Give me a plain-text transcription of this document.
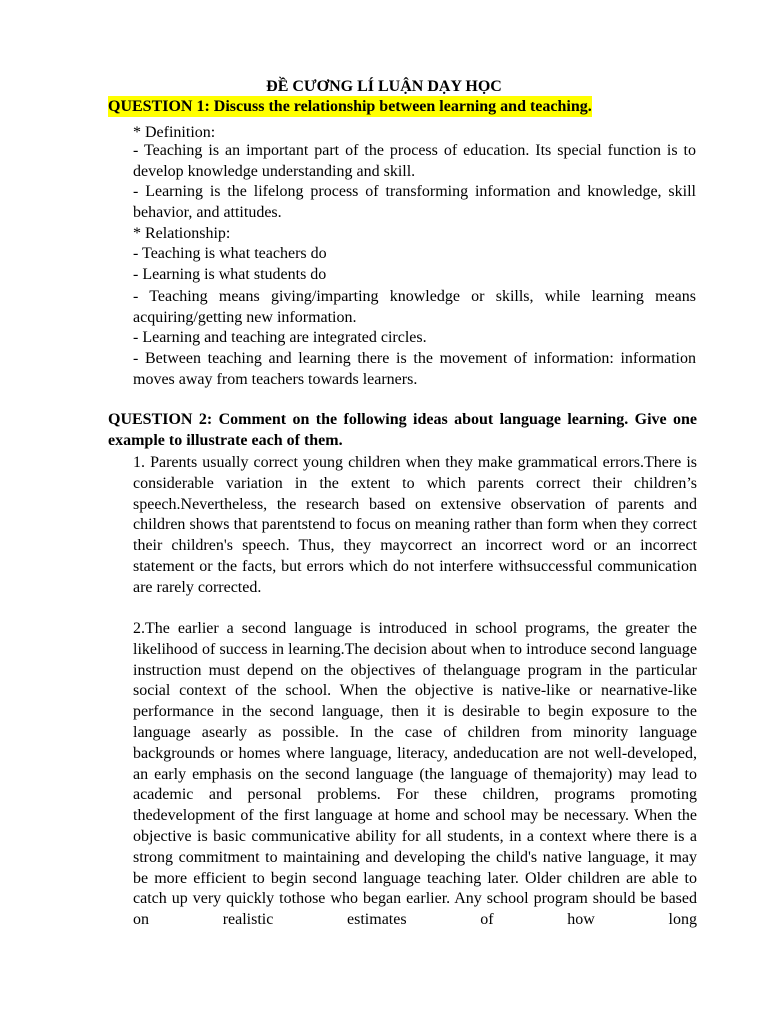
ĐỀ CƯƠNG LÍ LUẬN DẠY HỌC
QUESTION 1: Discuss the relationship between learning and teaching.
* Definition:
- Teaching is an important part of the process of education. Its special function is to develop knowledge understanding and skill.
- Learning is the lifelong process of transforming information and knowledge, skill behavior, and attitudes.
* Relationship:
- Teaching is what teachers do
- Learning is what students do
- Teaching means giving/imparting knowledge or skills, while learning means acquiring/getting new information.
- Learning and teaching are integrated circles.
- Between teaching and learning there is the movement of information: information moves away from teachers towards learners.
QUESTION 2: Comment on the following ideas about language learning. Give one example to illustrate each of them.
1. Parents usually correct young children when they make grammatical errors.There is considerable variation in the extent to which parents correct their children’s speech.Nevertheless, the research based on extensive observation of parents and children shows that parentstend to focus on meaning rather than form when they correct their children's speech. Thus, they maycorrect an incorrect word or an incorrect statement or the facts, but errors which do not interfere withsuccessful communication are rarely corrected.
2.The earlier a second language is introduced in school programs, the greater the likelihood of success in learning.The decision about when to introduce second language instruction must depend on the objectives of thelanguage program in the particular social context of the school. When the objective is native-like or nearnative-like performance in the second language, then it is desirable to begin exposure to the language asearly as possible. In the case of children from minority language backgrounds or homes where language, literacy, andeducation are not well-developed, an early emphasis on the second language (the language of themajority) may lead to academic and personal problems. For these children, programs promoting thedevelopment of the first language at home and school may be necessary. When the objective is basic communicative ability for all students, in a context where there is a strong commitment to maintaining and developing the child's native language, it may be more efficient to begin second language teaching later. Older children are able to catch up very quickly tothose who began earlier. Any school program should be based on realistic estimates of how long
